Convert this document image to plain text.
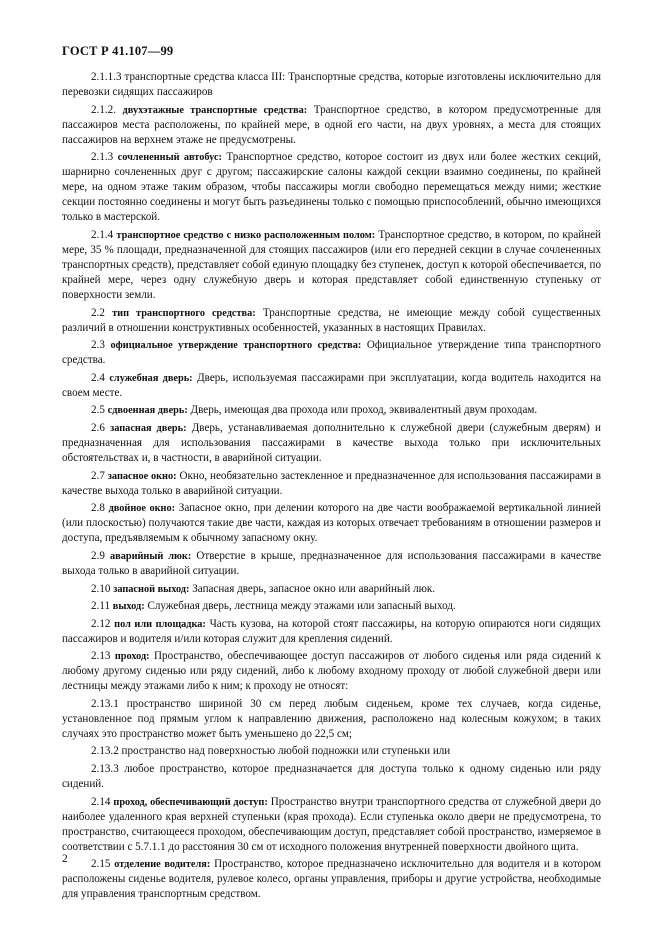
ГОСТ Р 41.107—99

2.1.1.3 транспортные средства класса III: Транспортные средства, которые изготовлены исключительно для перевозки сидящих пассажиров

2.1.2. двухэтажные транспортные средства: Транспортное средство, в котором предусмотренные для пассажиров места расположены, по крайней мере, в одной его части, на двух уровнях, а места для стоящих пассажиров на верхнем этаже не предусмотрены.

2.1.3 сочлененный автобус: Транспортное средство, которое состоит из двух или более жестких секций, шарнирно сочлененных друг с другом; пассажирские салоны каждой секции взаимно соединены, по крайней мере, на одном этаже таким образом, чтобы пассажиры могли свободно перемещаться между ними; жесткие секции постоянно соединены и могут быть разъединены только с помощью приспособлений, обычно имеющихся только в мастерской.

2.1.4 транспортное средство с низко расположенным полом: Транспортное средство, в котором, по крайней мере, 35 % площади, предназначенной для стоящих пассажиров (или его передней секции в случае сочлененных транспортных средств), представляет собой единую площадку без ступенек, доступ к которой обеспечивается, по крайней мере, через одну служебную дверь и которая представляет собой единственную ступеньку от поверхности земли.

2.2 тип транспортного средства: Транспортные средства, не имеющие между собой существенных различий в отношении конструктивных особенностей, указанных в настоящих Правилах.

2.3 официальное утверждение транспортного средства: Официальное утверждение типа транспортного средства.

2.4 служебная дверь: Дверь, используемая пассажирами при эксплуатации, когда водитель находится на своем месте.

2.5 сдвоенная дверь: Дверь, имеющая два прохода или проход, эквивалентный двум проходам.

2.6 запасная дверь: Дверь, устанавливаемая дополнительно к служебной двери (служебным дверям) и предназначенная для использования пассажирами в качестве выхода только при исключительных обстоятельствах и, в частности, в аварийной ситуации.

2.7 запасное окно: Окно, необязательно застекленное и предназначенное для использования пассажирами в качестве выхода только в аварийной ситуации.

2.8 двойное окно: Запасное окно, при делении которого на две части воображаемой вертикальной линией (или плоскостью) получаются такие две части, каждая из которых отвечает требованиям в отношении размеров и доступа, предъявляемым к обычному запасному окну.

2.9 аварийный люк: Отверстие в крыше, предназначенное для использования пассажирами в качестве выхода только в аварийной ситуации.

2.10 запасной выход: Запасная дверь, запасное окно или аварийный люк.

2.11 выход: Служебная дверь, лестница между этажами или запасный выход.

2.12 пол или площадка: Часть кузова, на которой стоят пассажиры, на которую опираются ноги сидящих пассажиров и водителя и/или которая служит для крепления сидений.

2.13 проход: Пространство, обеспечивающее доступ пассажиров от любого сиденья или ряда сидений к любому другому сиденью или ряду сидений, либо к любому входному проходу от любой служебной двери или лестницы между этажами либо к ним; к проходу не относят:

2.13.1 пространство шириной 30 см перед любым сиденьем, кроме тех случаев, когда сиденье, установленное под прямым углом к направлению движения, расположено над колесным кожухом; в таких случаях это пространство может быть уменьшено до 22,5 см;

2.13.2 пространство над поверхностью любой подножки или ступеньки или

2.13.3 любое пространство, которое предназначается для доступа только к одному сиденью или ряду сидений.

2.14 проход, обеспечивающий доступ: Пространство внутри транспортного средства от служебной двери до наиболее удаленного края верхней ступеньки (края прохода). Если ступенька около двери не предусмотрена, то пространство, считающееся проходом, обеспечивающим доступ, представляет собой пространство, измеряемое в соответствии с 5.7.1.1 до расстояния 30 см от исходного положения внутренней поверхности двойного щита.

2.15 отделение водителя: Пространство, которое предназначено исключительно для водителя и в котором расположены сиденье водителя, рулевое колесо, органы управления, приборы и другие устройства, необходимые для управления транспортным средством.

2
